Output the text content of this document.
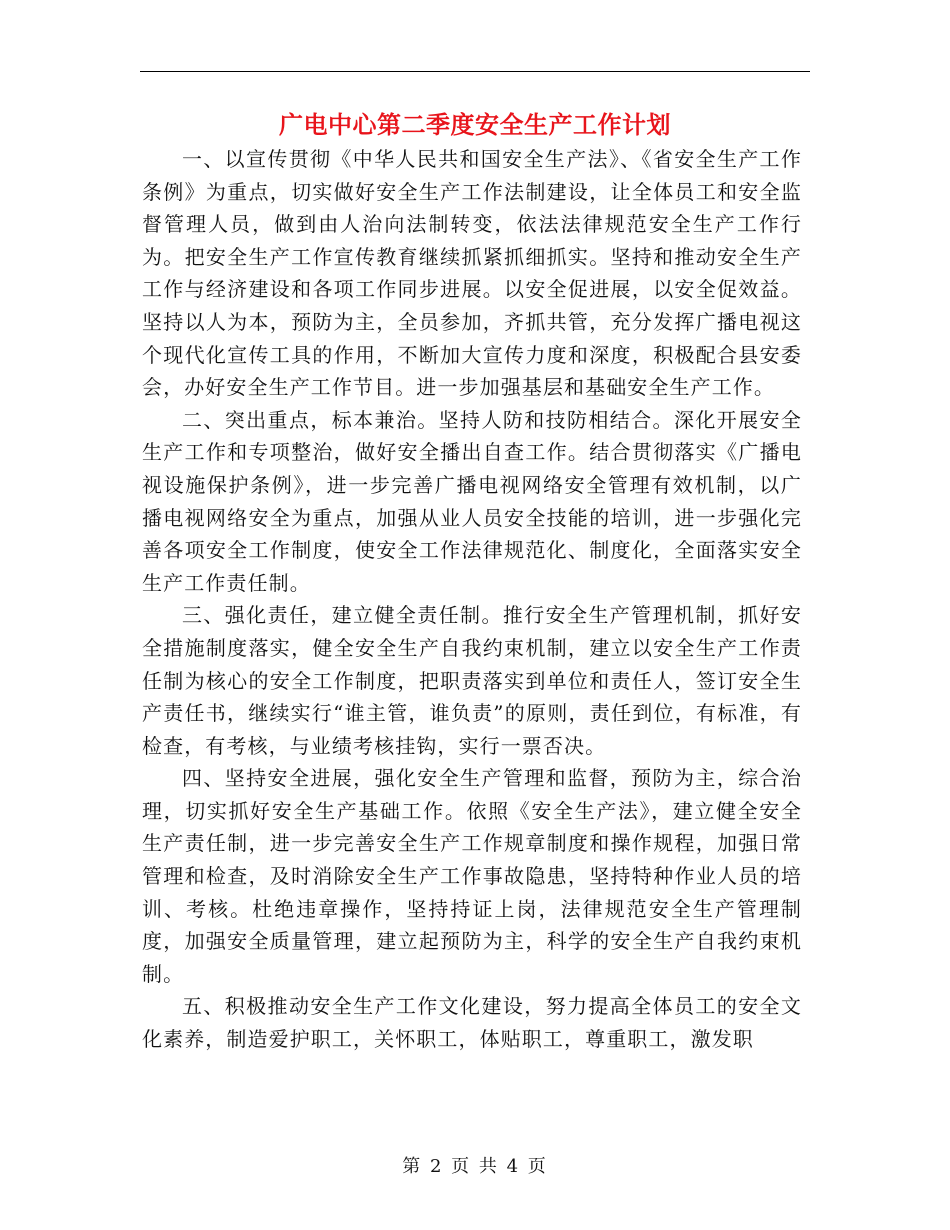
广电中心第二季度安全生产工作计划

一、以宣传贯彻《中华人民共和国安全生产法》、《省安全生产工作条例》为重点，切实做好安全生产工作法制建设，让全体员工和安全监督管理人员，做到由人治向法制转变，依法法律规范安全生产工作行为。把安全生产工作宣传教育继续抓紧抓细抓实。坚持和推动安全生产工作与经济建设和各项工作同步进展。以安全促进展，以安全促效益。坚持以人为本，预防为主，全员参加，齐抓共管，充分发挥广播电视这个现代化宣传工具的作用，不断加大宣传力度和深度，积极配合县安委会，办好安全生产工作节目。进一步加强基层和基础安全生产工作。

二、突出重点，标本兼治。坚持人防和技防相结合。深化开展安全生产工作和专项整治，做好安全播出自查工作。结合贯彻落实《广播电视设施保护条例》，进一步完善广播电视网络安全管理有效机制，以广播电视网络安全为重点，加强从业人员安全技能的培训，进一步强化完善各项安全工作制度，使安全工作法律规范化、制度化，全面落实安全生产工作责任制。

三、强化责任，建立健全责任制。推行安全生产管理机制，抓好安全措施制度落实，健全安全生产自我约束机制，建立以安全生产工作责任制为核心的安全工作制度，把职责落实到单位和责任人，签订安全生产责任书，继续实行“谁主管，谁负责”的原则，责任到位，有标准，有检查，有考核，与业绩考核挂钩，实行一票否决。

四、坚持安全进展，强化安全生产管理和监督，预防为主，综合治理，切实抓好安全生产基础工作。依照《安全生产法》，建立健全安全生产责任制，进一步完善安全生产工作规章制度和操作规程，加强日常管理和检查，及时消除安全生产工作事故隐患，坚持特种作业人员的培训、考核。杜绝违章操作，坚持持证上岗，法律规范安全生产管理制度，加强安全质量管理，建立起预防为主，科学的安全生产自我约束机制。

五、积极推动安全生产工作文化建设，努力提高全体员工的安全文化素养，制造爱护职工，关怀职工，体贴职工，尊重职工，激发职

第 2 页 共 4 页
